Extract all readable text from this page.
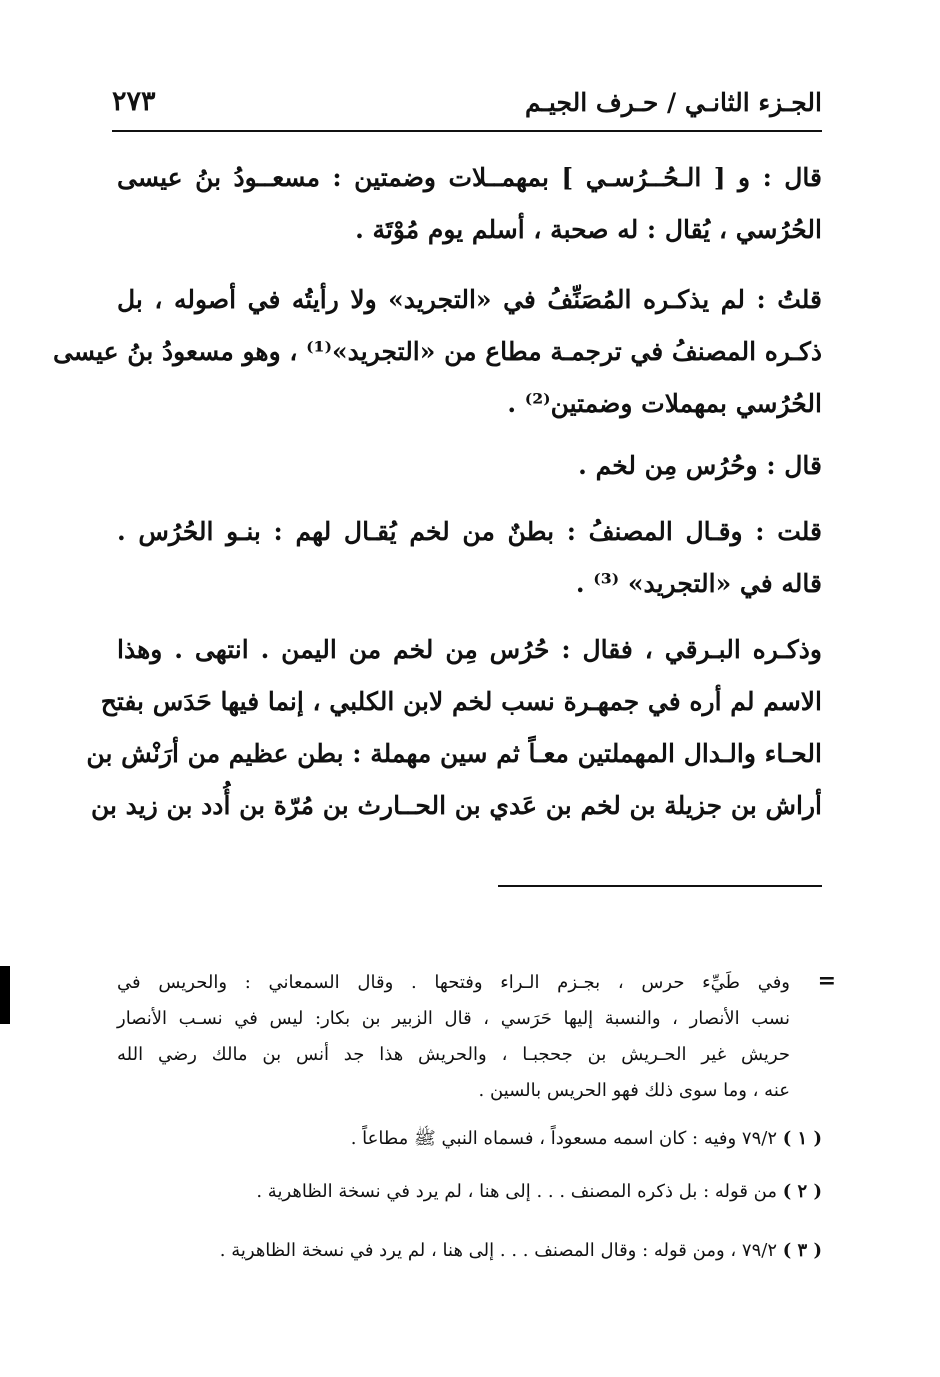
الجـزء الثانـي / حـرف الجيـم
٢٧٣
قال : و [ الـحُــرُسـي ] بمهمــلات وضمتين : مسعــودُ بنُ عيسى
الحُرُسي ، يُقال : له صحبة ، أسلم يوم مُوْتَة .
قلتُ : لم يذكـره المُصَنِّفُ في «التجريد» ولا رأيتُه في أصوله ، بل
ذكـره المصنفُ في ترجمـة مطاع من «التجريد»⁽¹⁾ ، وهو مسعودُ بنُ عيسى
الحُرُسي بمهملات وضمتين⁽²⁾ .
قال : وحُرُس مِن لخم .
قلت : وقـال المصنفُ : بطنٌ من لخم يُقـال لهم : بنـو الحُرُس .
قاله في «التجريد» ⁽³⁾ .
وذكـره البـرقي ، فقال : حُرُس مِن لخم من اليمن . انتهى . وهذا
الاسم لم أره في جمهـرة نسب لخم لابن الكلبي ، إنما فيها حَدَس بفتح
الحـاء والـدال المهملتين معـاً ثم سين مهملة : بطن عظيم من أرَنْش بن
أراش بن جزيلة بن لخم بن عَدي بن الحــارث بن مُرّة بن أُدد بن زيد بن
=
وفي طَيِّء حرس ، بجـزم الـراء وفتحها . وقال السمعاني : والحريس في
نسب الأنصار ، والنسبة إليها حَرَسي ، قال الزبير بن بكار: ليس في نسـب الأنصار
حريش غير الحـريش بن جحجبـا ، والحريش هذا جد أنس بن مالك رضي الله
عنه ، وما سوى ذلك فهو الحريس بالسين .
( ١ ) ٧٩/٢ وفيه : كان اسمه مسعوداً ، فسماه النبي ﷺ مطاعاً .
( ٢ ) من قوله : بل ذكره المصنف . . . إلى هنا ، لم يرد في نسخة الظاهرية .
( ٣ ) ٧٩/٢ ، ومن قوله : وقال المصنف . . . إلى هنا ، لم يرد في نسخة الظاهرية .
